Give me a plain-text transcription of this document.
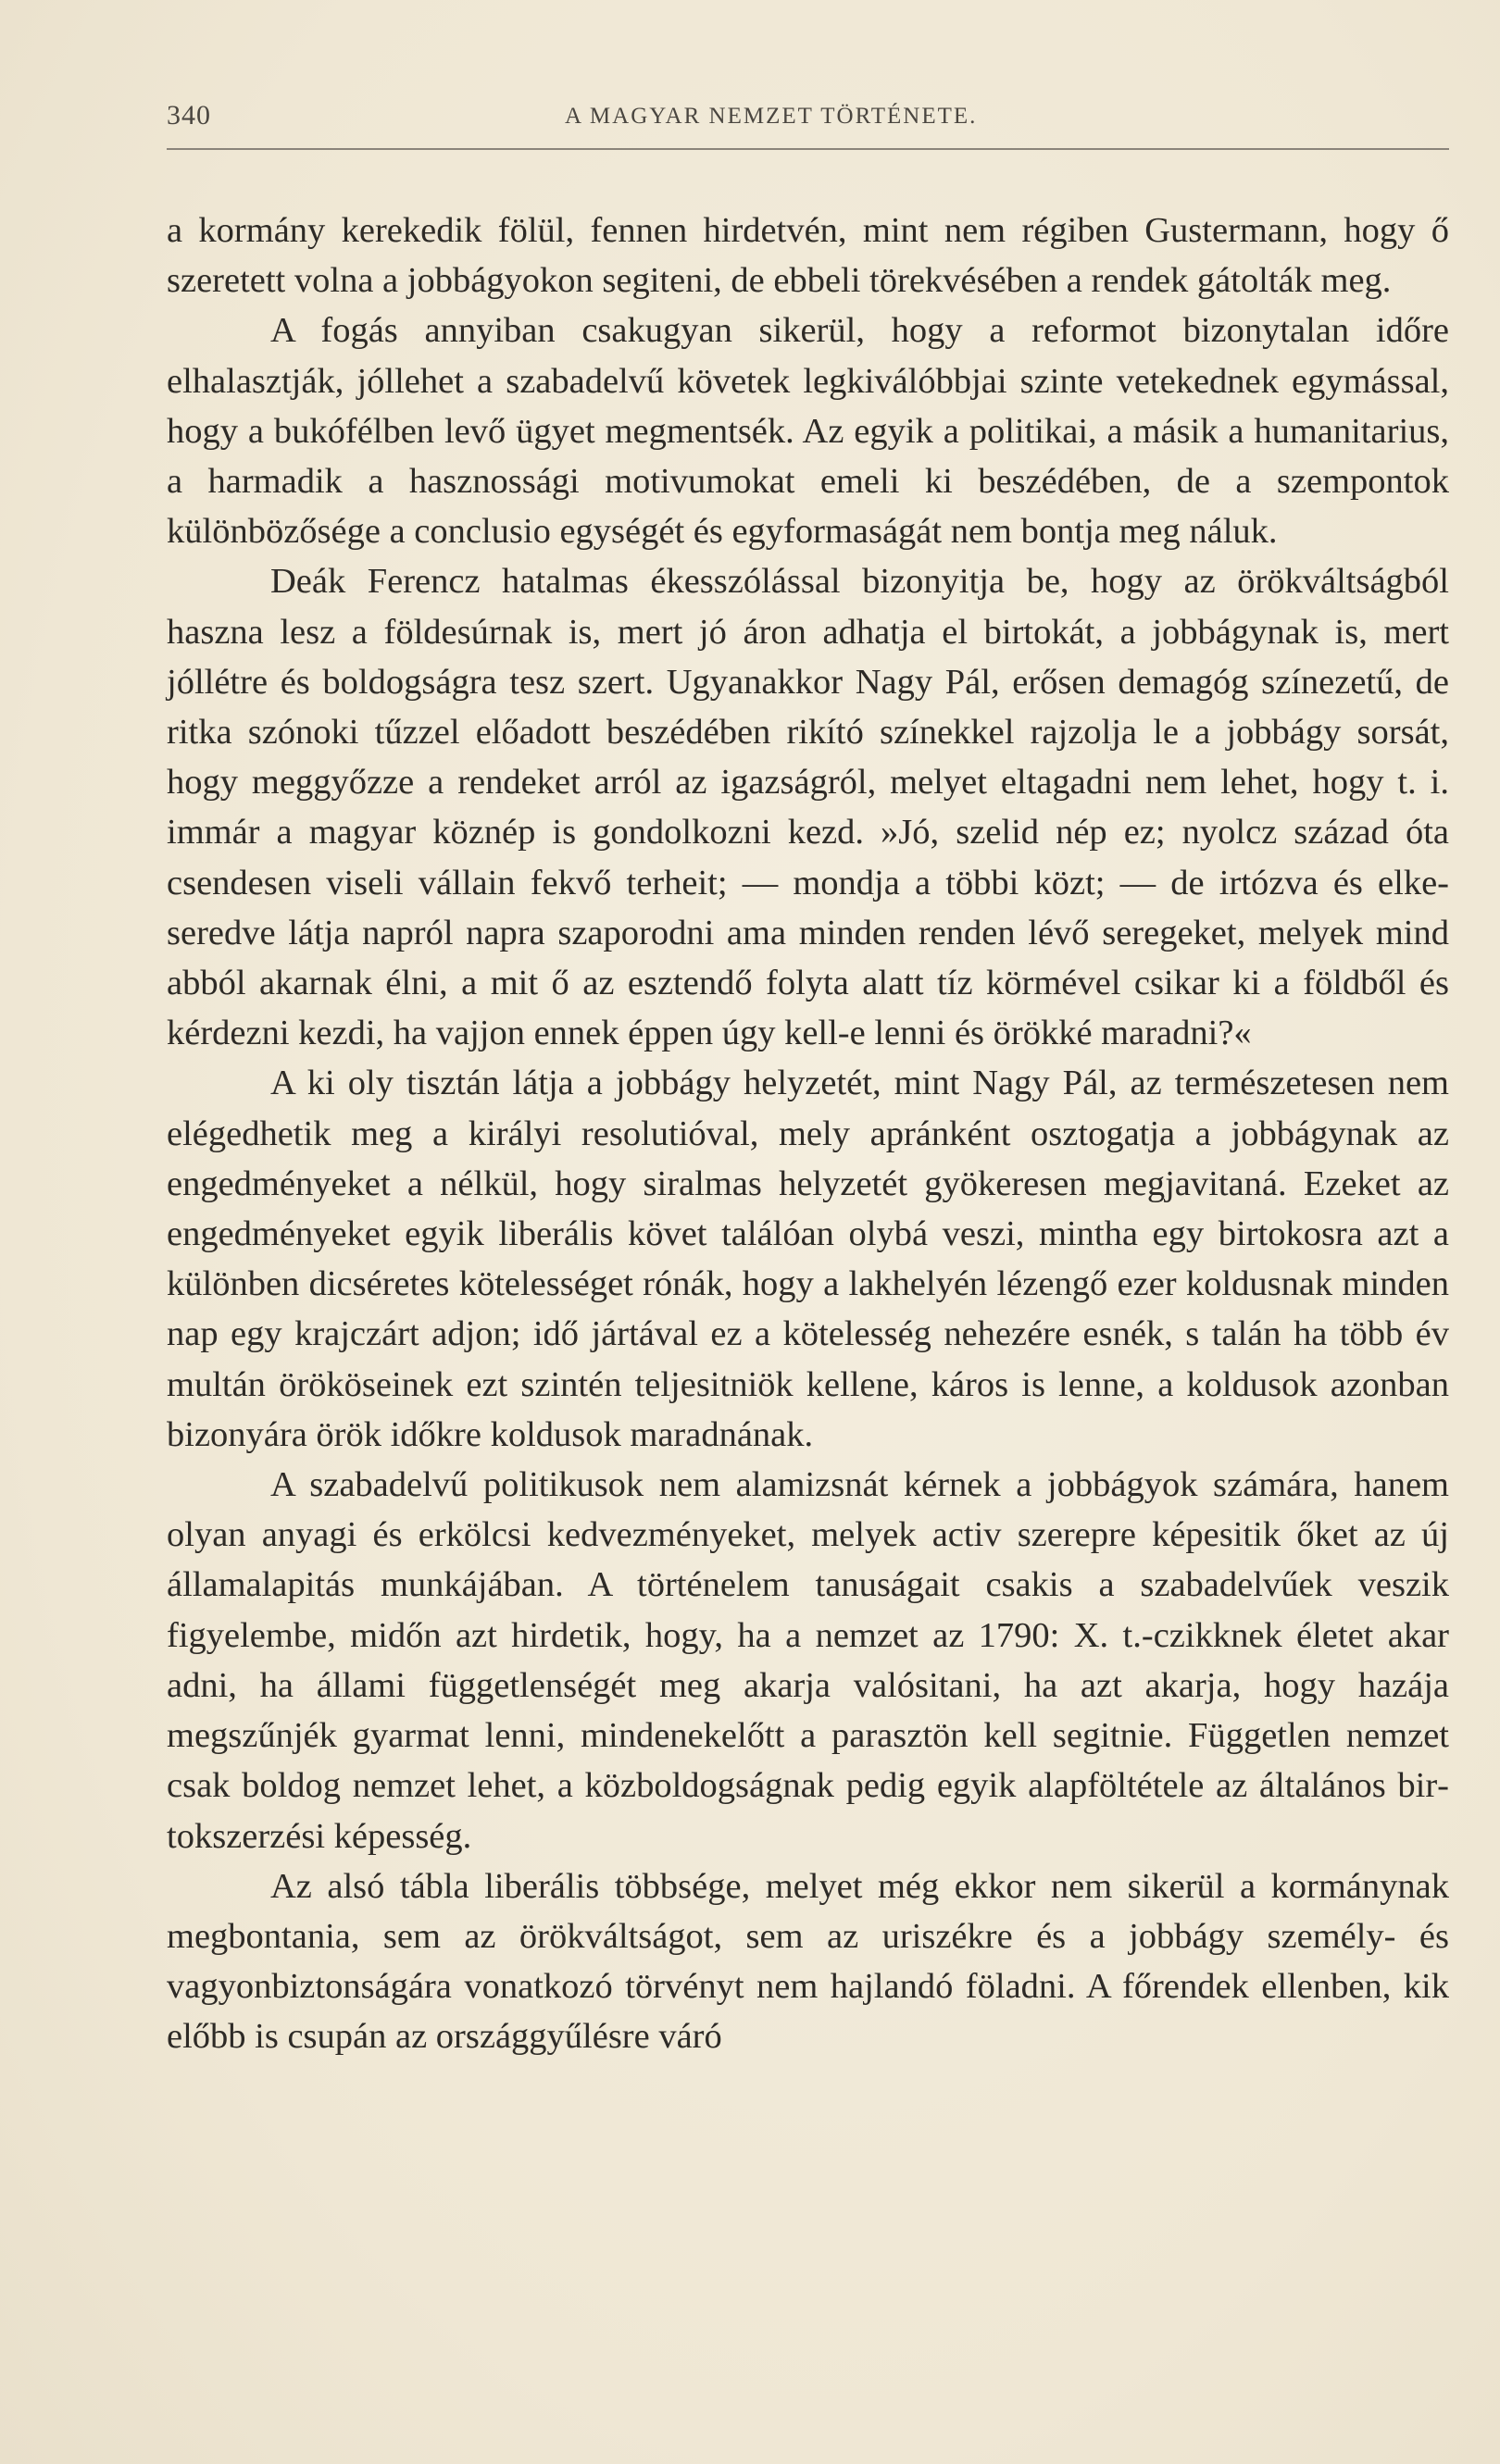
340	A MAGYAR NEMZET TÖRTÉNETE.

a kormány kerekedik fölül, fennen hirdetvén, mint nem régiben Gustermann, hogy ő szeretett volna a jobbágyokon segiteni, de ebbeli törekvésében a rendek gátolták meg.

A fogás annyiban csakugyan sikerül, hogy a reformot bizonytalan időre elhalasztják, jóllehet a szabadelvű követek legkiválóbbjai szinte vetekednek egymással, hogy a bukófélben levő ügyet megmentsék. Az egyik a politikai, a másik a humanitarius, a harmadik a hasznossági motivumokat emeli ki beszédében, de a szempontok különbözősége a conclusio egységét és egyformaságát nem bontja meg náluk.

Deák Ferencz hatalmas ékesszólással bizonyitja be, hogy az örökváltságból haszna lesz a földesúrnak is, mert jó áron adhatja el birtokát, a jobbágynak is, mert jóllétre és boldogságra tesz szert. Ugyanakkor Nagy Pál, erősen demagóg színezetű, de ritka szónoki tűzzel előadott beszédében rikító színekkel rajzolja le a jobbágy sorsát, hogy meggyőzze a rendeket arról az igazságról, melyet eltagadni nem lehet, hogy t. i. immár a magyar köznép is gondolkozni kezd. »Jó, szelid nép ez; nyolcz század óta csendesen viseli vállain fekvő terheit; — mondja a többi közt; — de irtózva és elkeseredve látja napról napra szaporodni ama minden renden lévő seregeket, melyek mind abból akarnak élni, a mit ő az esztendő folyta alatt tíz körmével csikar ki a földből és kérdezni kezdi, ha vajjon ennek éppen úgy kell-e lenni és örökké maradni?«

A ki oly tisztán látja a jobbágy helyzetét, mint Nagy Pál, az természetesen nem elégedhetik meg a királyi resolutióval, mely apránként osztogatja a jobbágynak az engedményeket a nélkül, hogy siralmas helyzetét gyökeresen megjavitaná. Ezeket az engedményeket egyik liberális követ találóan olybá veszi, mintha egy birtokosra azt a különben dicséretes kötelességet rónák, hogy a lakhelyén lézengő ezer koldusnak minden nap egy krajczárt adjon; idő jártával ez a kötelesség nehezére esnék, s talán ha több év multán örököseinek ezt szintén teljesitniök kellene, káros is lenne, a koldusok azonban bizonyára örök időkre koldusok maradnának.

A szabadelvű politikusok nem alamizsnát kérnek a jobbágyok számára, hanem olyan anyagi és erkölcsi kedvezményeket, melyek activ szerepre képesitik őket az új államalapitás munkájában. A történelem tanuságait csakis a szabadelvűek veszik figyelembe, midőn azt hirdetik, hogy, ha a nemzet az 1790: X. t.-czikknek életet akar adni, ha állami függetlenségét meg akarja valósitani, ha azt akarja, hogy hazája megszűnjék gyarmat lenni, mindenekelőtt a parasztön kell segitnie. Független nemzet csak boldog nemzet lehet, a közboldogságnak pedig egyik alapföltétele az általános birtokszerzési képesség.

Az alsó tábla liberális többsége, melyet még ekkor nem sikerül a kormánynak megbontania, sem az örökváltságot, sem az uriszékre és a jobbágy személy- és vagyonbiztonságára vonatkozó törvényt nem hajlandó föladni. A főrendek ellenben, kik előbb is csupán az országgyűlésre váró
